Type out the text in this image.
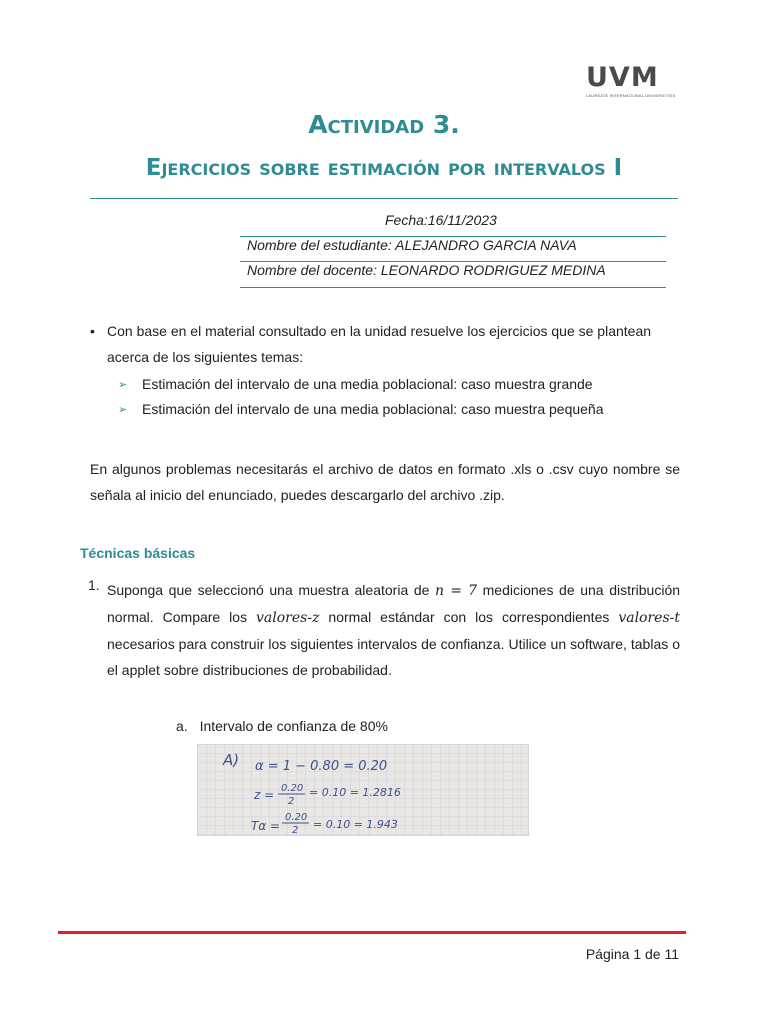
UVM
LAUREATE INTERNATIONAL UNIVERSITIES
Actividad 3.
Ejercicios sobre estimación por intervalos I
Fecha:16/11/2023
Nombre del estudiante: ALEJANDRO GARCIA NAVA
Nombre del docente: LEONARDO RODRIGUEZ MEDINA
• Con base en el material consultado en la unidad resuelve los ejercicios que se plantean acerca de los siguientes temas:
➢ Estimación del intervalo de una media poblacional: caso muestra grande
➢ Estimación del intervalo de una media poblacional: caso muestra pequeña

En algunos problemas necesitarás el archivo de datos en formato .xls o .csv cuyo nombre se señala al inicio del enunciado, puedes descargarlo del archivo .zip.

Técnicas básicas
1. Suponga que seleccionó una muestra aleatoria de n = 7 mediciones de una distribución normal. Compare los valores-z normal estándar con los correspondientes valores-t necesarios para construir los siguientes intervalos de confianza. Utilice un software, tablas o el applet sobre distribuciones de probabilidad.

a. Intervalo de confianza de 80%
A) α = 1 − 0.80 = 0.20
z = 0.20
2
= 0.10 = 1.2816
Tα =
0.20
2 = 0.10 = 1.943
Página 1 de 11
